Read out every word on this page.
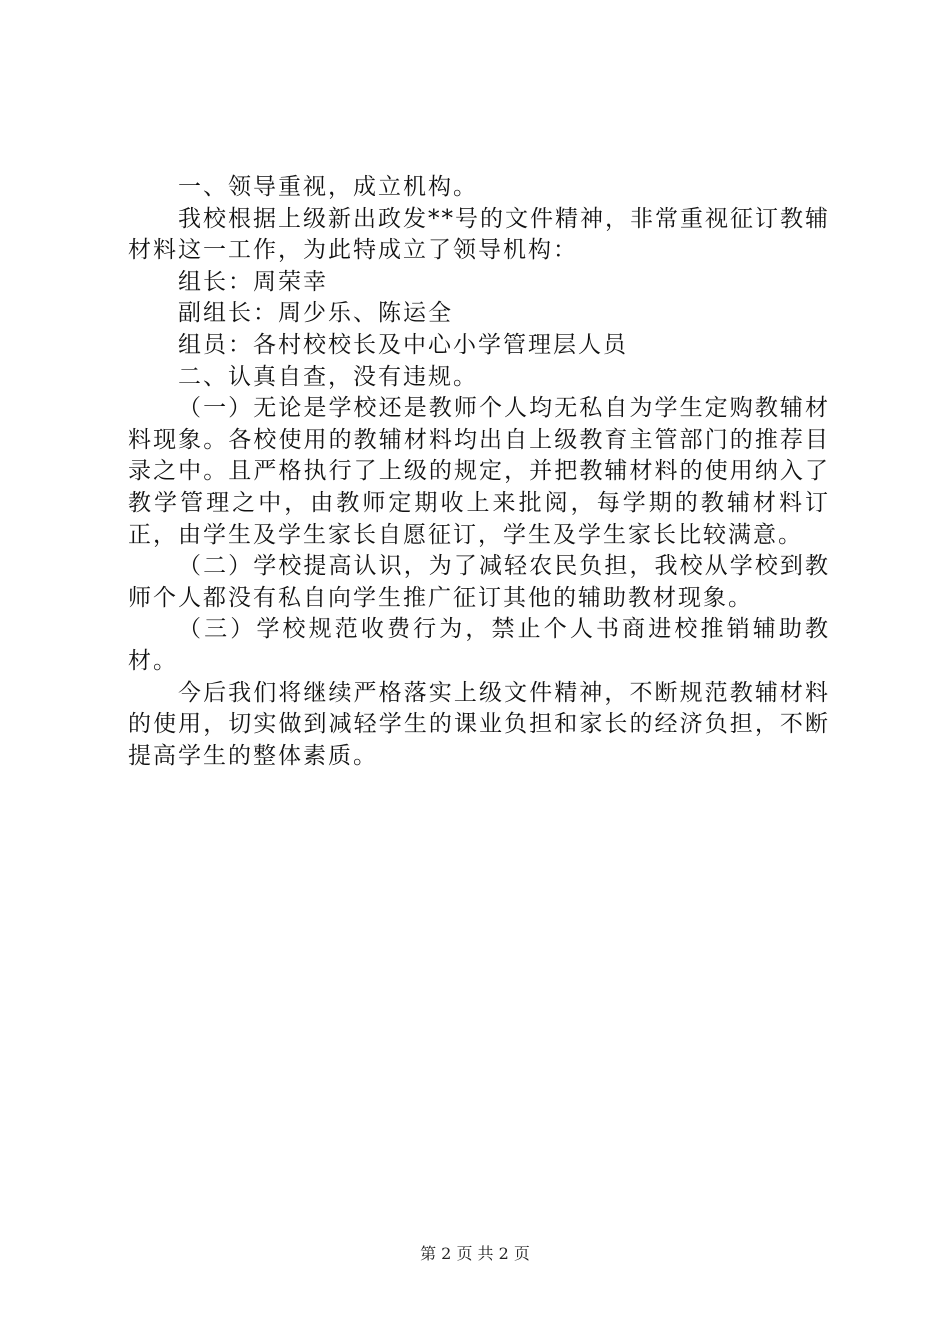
一、领导重视，成立机构。

我校根据上级新出政发**号的文件精神，非常重视征订教辅材料这一工作，为此特成立了领导机构：

组长：周荣幸

副组长：周少乐、陈运全

组员：各村校校长及中心小学管理层人员

二、认真自查，没有违规。

（一）无论是学校还是教师个人均无私自为学生定购教辅材料现象。各校使用的教辅材料均出自上级教育主管部门的推荐目录之中。且严格执行了上级的规定，并把教辅材料的使用纳入了教学管理之中，由教师定期收上来批阅，每学期的教辅材料订正，由学生及学生家长自愿征订，学生及学生家长比较满意。

（二）学校提高认识，为了减轻农民负担，我校从学校到教师个人都没有私自向学生推广征订其他的辅助教材现象。

（三）学校规范收费行为，禁止个人书商进校推销辅助教材。

今后我们将继续严格落实上级文件精神，不断规范教辅材料的使用，切实做到减轻学生的课业负担和家长的经济负担，不断提高学生的整体素质。

第 2 页 共 2 页
